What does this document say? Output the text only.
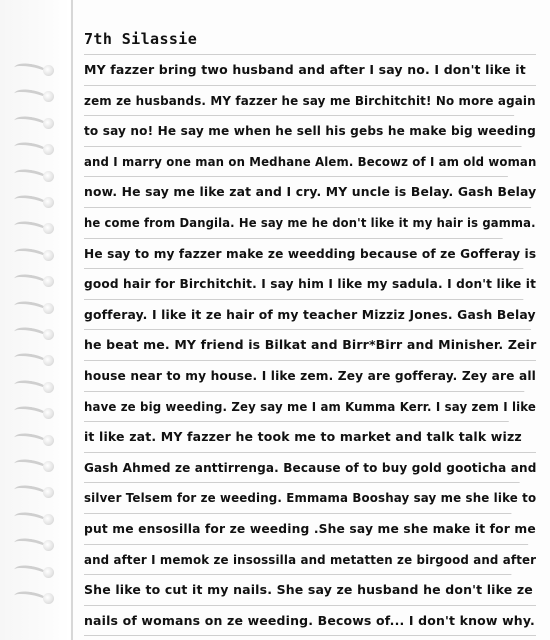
7th Silassie
MY fazzer bring two husband and after I say no. I don't like it
zem ze husbands. MY fazzer he say me Birchitchit! No more again
to say no! He say me when he sell his gebs he make big weeding
and I marry one man on Medhane Alem. Becowz of I am old woman
now. He say me like zat and I cry. MY uncle is Belay. Gash Belay
he come from Dangila. He say me he don't like it my hair is gamma.
He say to my fazzer make ze weedding because of ze Gofferay is
good hair for Birchitchit. I say him I like my sadula. I don't like it
gofferay. I like it ze hair of my teacher Mizziz Jones. Gash Belay
he beat me. MY friend is Bilkat and Birr*Birr and Minisher. Zeir
house near to my house. I like zem. Zey are gofferay. Zey are all
have ze big weeding. Zey say me I am Kumma Kerr. I say zem I like
it like zat. MY fazzer he took me to market and talk talk wizz
Gash Ahmed ze anttirrenga. Because of to buy gold gooticha and
silver Telsem for ze weeding. Emmama Booshay say me she like to
put me ensosilla for ze weeding .She say me she make it for me
and after I memok ze insossilla and metatten ze birgood and after
She like to cut it my nails. She say ze husband he don't like ze
nails of womans on ze weeding. Becows of... I don't know why.
